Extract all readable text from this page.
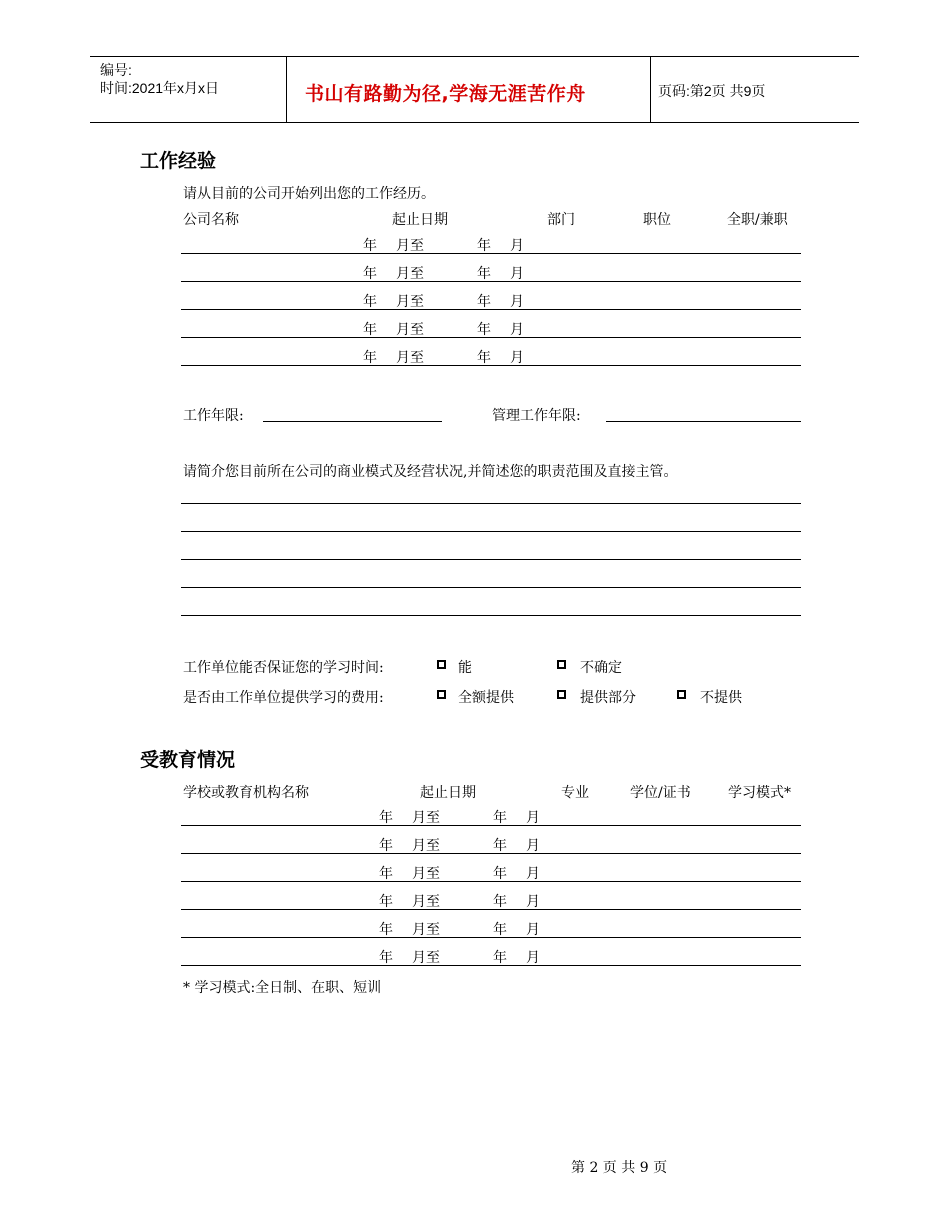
编号:
时间:2021年x月x日	书山有路勤为径,学海无涯苦作舟	页码:第2页 共9页
工作经验
请从目前的公司开始列出您的工作经历。
公司名称	起止日期	部门	职位	全职/兼职
年 月至	年 月
年 月至	年 月
年 月至	年 月
年 月至	年 月
年 月至	年 月
工作年限:	管理工作年限:
请简介您目前所在公司的商业模式及经营状况,并简述您的职责范围及直接主管。
工作单位能否保证您的学习时间:	能	不确定
是否由工作单位提供学习的费用:	全额提供	提供部分	不提供
受教育情况
学校或教育机构名称	起止日期	专业	学位/证书	学习模式*
年 月至	年 月
年 月至	年 月
年 月至	年 月
年 月至	年 月
年 月至	年 月
年 月至	年 月
* 学习模式:全日制、在职、短训
第 2 页 共 9 页
